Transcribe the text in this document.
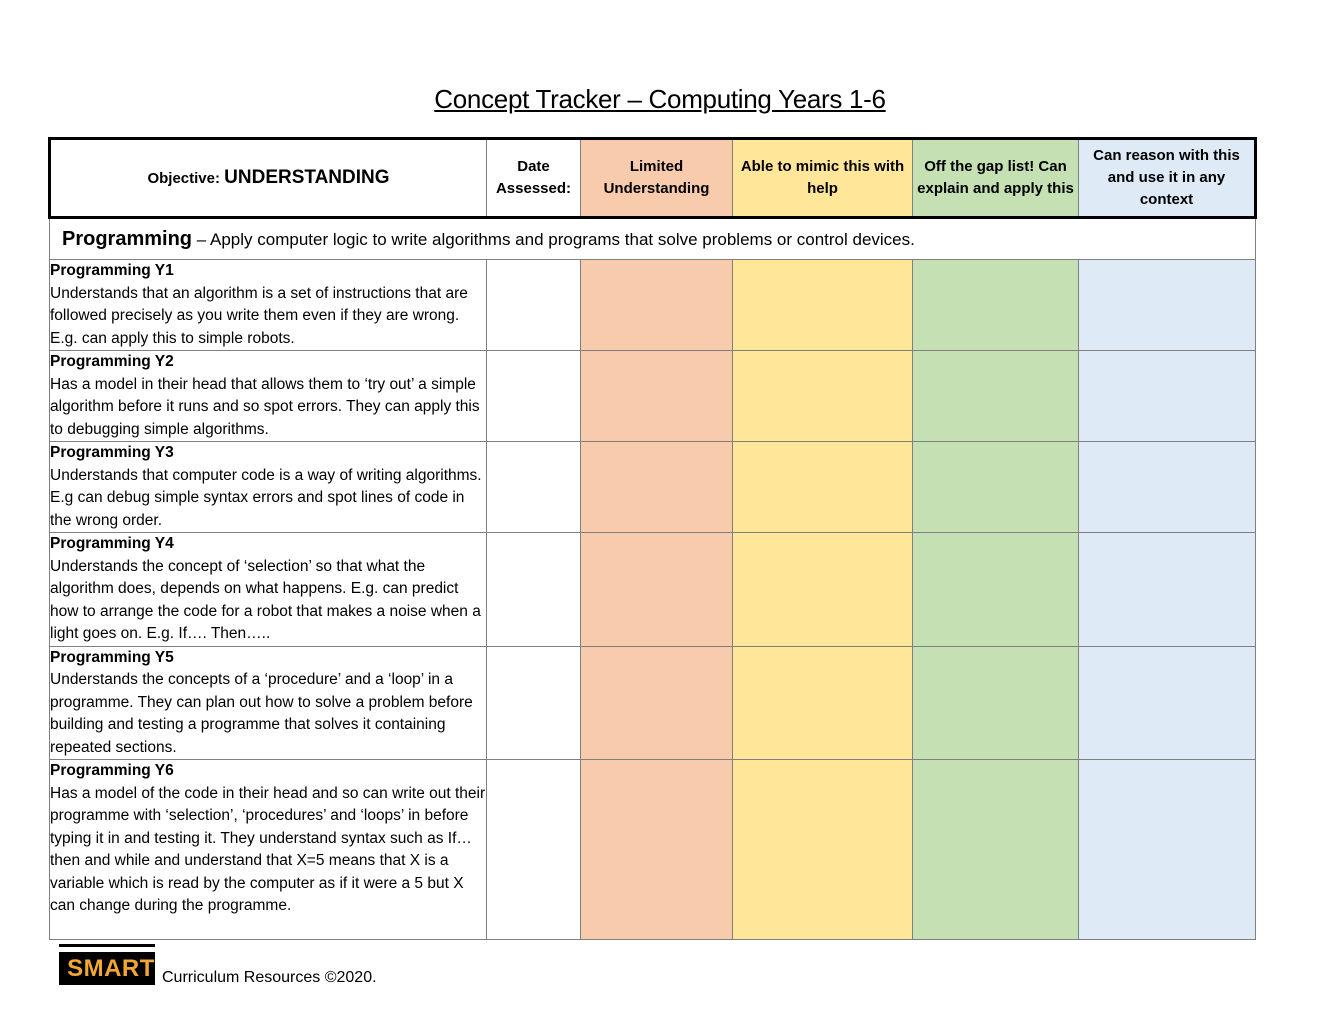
Concept Tracker – Computing Years 1-6
Objective: UNDERSTANDING	Date Assessed:	Limited Understanding	Able to mimic this with help	Off the gap list! Can explain and apply this	Can reason with this and use it in any context
Programming – Apply computer logic to write algorithms and programs that solve problems or control devices.					

Programming Y1
Understands that an algorithm is a set of instructions that are followed precisely as you write them even if they are wrong. E.g. can apply this to simple robots.					

Programming Y2
Has a model in their head that allows them to ‘try out’ a simple algorithm before it runs and so spot errors. They can apply this to debugging simple algorithms.					

Programming Y3
Understands that computer code is a way of writing algorithms. E.g can debug simple syntax errors and spot lines of code in the wrong order.					

Programming Y4
Understands the concept of ‘selection’ so that what the algorithm does, depends on what happens. E.g. can predict how to arrange the code for a robot that makes a noise when a light goes on. E.g. If…. Then…..					

Programming Y5
Understands the concepts of a ‘procedure’ and a ‘loop’ in a programme. They can plan out how to solve a problem before building and testing a programme that solves it containing repeated sections.					

Programming Y6
Has a model of the code in their head and so can write out their programme with ‘selection’, ‘procedures’ and ‘loops’ in before typing it in and testing it. They understand syntax such as If… then and while and understand that X=5 means that X is a variable which is read by the computer as if it were a 5 but X can change during the programme.					

SMART Curriculum Resources ©2020.
